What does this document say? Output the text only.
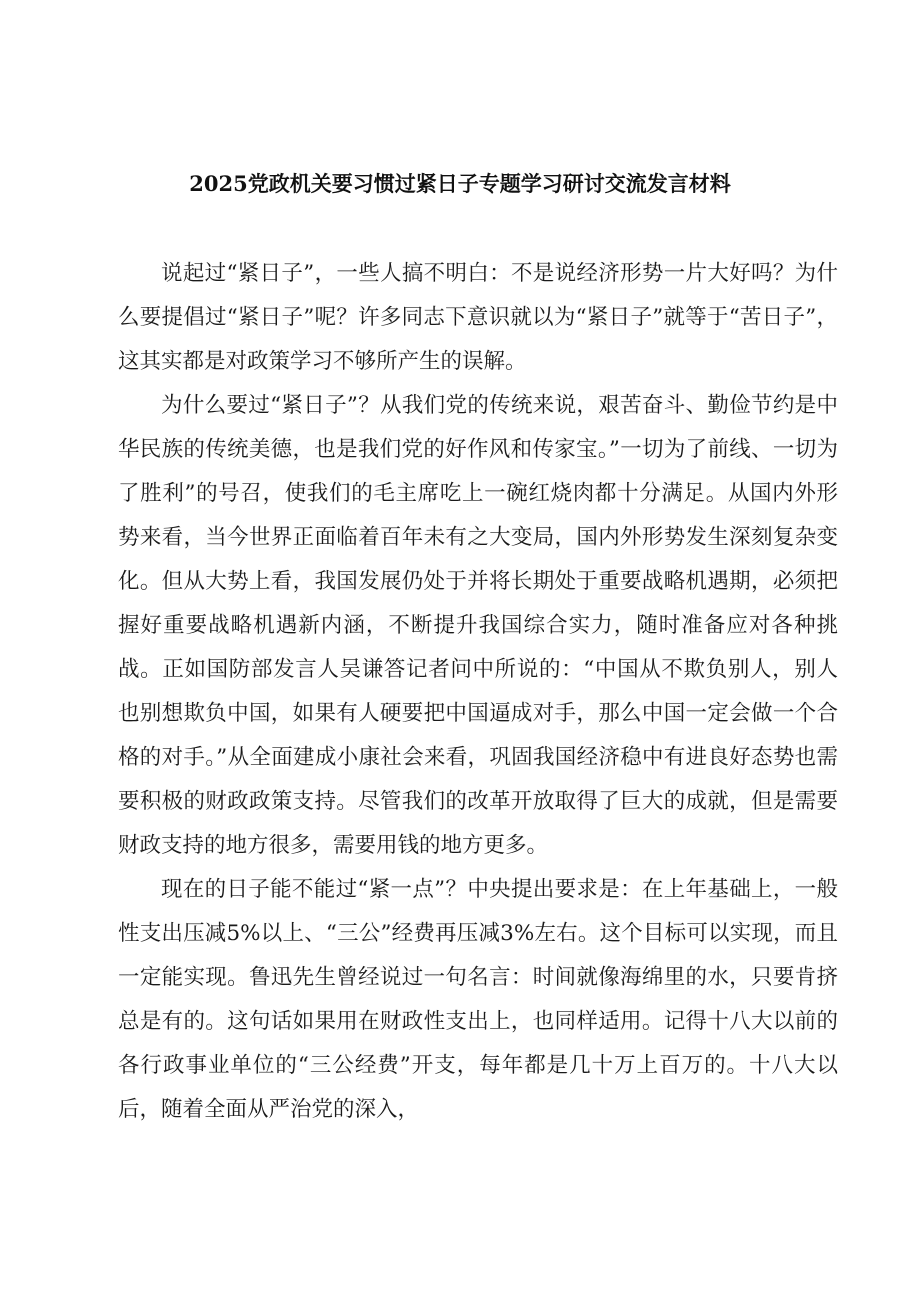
2025党政机关要习惯过紧日子专题学习研讨交流发言材料

说起过“紧日子”，一些人搞不明白：不是说经济形势一片大好吗？为什么要提倡过“紧日子”呢？许多同志下意识就以为“紧日子”就等于“苦日子”，这其实都是对政策学习不够所产生的误解。

为什么要过“紧日子”？从我们党的传统来说，艰苦奋斗、勤俭节约是中华民族的传统美德，也是我们党的好作风和传家宝。”一切为了前线、一切为了胜利”的号召，使我们的毛主席吃上一碗红烧肉都十分满足。从国内外形势来看，当今世界正面临着百年未有之大变局，国内外形势发生深刻复杂变化。但从大势上看，我国发展仍处于并将长期处于重要战略机遇期，必须把握好重要战略机遇新内涵，不断提升我国综合实力，随时准备应对各种挑战。正如国防部发言人吴谦答记者问中所说的：“中国从不欺负别人，别人也别想欺负中国，如果有人硬要把中国逼成对手，那么中国一定会做一个合格的对手。”从全面建成小康社会来看，巩固我国经济稳中有进良好态势也需要积极的财政政策支持。尽管我们的改革开放取得了巨大的成就，但是需要财政支持的地方很多，需要用钱的地方更多。

现在的日子能不能过“紧一点”？中央提出要求是：在上年基础上，一般性支出压减5%以上、“三公”经费再压减3%左右。这个目标可以实现，而且一定能实现。鲁迅先生曾经说过一句名言：时间就像海绵里的水，只要肯挤总是有的。这句话如果用在财政性支出上，也同样适用。记得十八大以前的各行政事业单位的“三公经费”开支，每年都是几十万上百万的。十八大以后，随着全面从严治党的深入，
